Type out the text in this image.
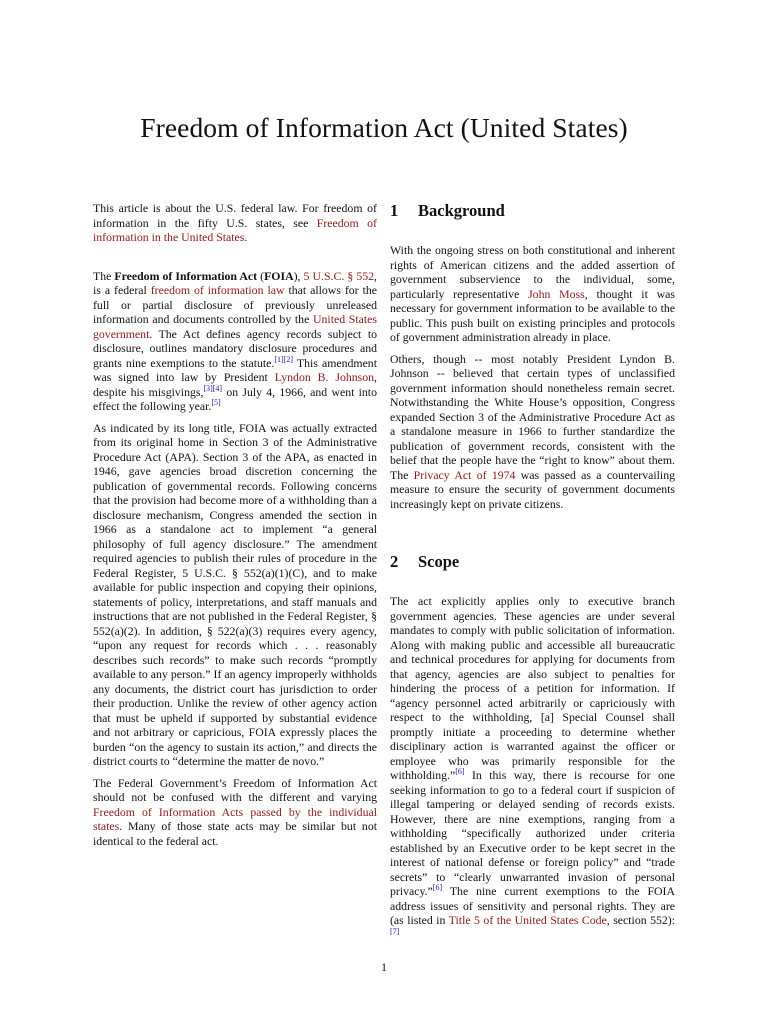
Freedom of Information Act (United States)

This article is about the U.S. federal law. For freedom of information in the fifty U.S. states, see Freedom of information in the United States.

The Freedom of Information Act (FOIA), 5 U.S.C. § 552, is a federal freedom of information law that allows for the full or partial disclosure of previously unreleased information and documents controlled by the United States government. The Act defines agency records subject to disclosure, outlines mandatory disclosure procedures and grants nine exemptions to the statute.[1][2] This amendment was signed into law by President Lyndon B. Johnson, despite his misgivings,[3][4] on July 4, 1966, and went into effect the following year.[5]

As indicated by its long title, FOIA was actually extracted from its original home in Section 3 of the Administrative Procedure Act (APA). Section 3 of the APA, as enacted in 1946, gave agencies broad discretion concerning the publication of governmental records. Following concerns that the provision had become more of a withholding than a disclosure mechanism, Congress amended the section in 1966 as a standalone act to implement “a general philosophy of full agency disclosure.” The amendment required agencies to publish their rules of procedure in the Federal Register, 5 U.S.C. § 552(a)(1)(C), and to make available for public inspection and copying their opinions, statements of policy, interpretations, and staff manuals and instructions that are not published in the Federal Register, § 552(a)(2). In addition, § 522(a)(3) requires every agency, “upon any request for records which . . . reasonably describes such records” to make such records “promptly available to any person.” If an agency improperly withholds any documents, the district court has jurisdiction to order their production. Unlike the review of other agency action that must be upheld if supported by substantial evidence and not arbitrary or capricious, FOIA expressly places the burden “on the agency to sustain its action,” and directs the district courts to “determine the matter de novo.”

The Federal Government’s Freedom of Information Act should not be confused with the different and varying Freedom of Information Acts passed by the individual states. Many of those state acts may be similar but not identical to the federal act.

1 Background

With the ongoing stress on both constitutional and inherent rights of American citizens and the added assertion of government subservience to the individual, some, particularly representative John Moss, thought it was necessary for government information to be available to the public. This push built on existing principles and protocols of government administration already in place.

Others, though -- most notably President Lyndon B. Johnson -- believed that certain types of unclassified government information should nonetheless remain secret. Notwithstanding the White House’s opposition, Congress expanded Section 3 of the Administrative Procedure Act as a standalone measure in 1966 to further standardize the publication of government records, consistent with the belief that the people have the “right to know” about them. The Privacy Act of 1974 was passed as a countervailing measure to ensure the security of government documents increasingly kept on private citizens.

2 Scope

The act explicitly applies only to executive branch government agencies. These agencies are under several mandates to comply with public solicitation of information. Along with making public and accessible all bureaucratic and technical procedures for applying for documents from that agency, agencies are also subject to penalties for hindering the process of a petition for information. If “agency personnel acted arbitrarily or capriciously with respect to the withholding, [a] Special Counsel shall promptly initiate a proceeding to determine whether disciplinary action is warranted against the officer or employee who was primarily responsible for the withholding.”[6] In this way, there is recourse for one seeking information to go to a federal court if suspicion of illegal tampering or delayed sending of records exists. However, there are nine exemptions, ranging from a withholding “specifically authorized under criteria established by an Executive order to be kept secret in the interest of national defense or foreign policy” and “trade secrets” to “clearly unwarranted invasion of personal privacy.”[6] The nine current exemptions to the FOIA address issues of sensitivity and personal rights. They are (as listed in Title 5 of the United States Code, section 552):[7]

1
